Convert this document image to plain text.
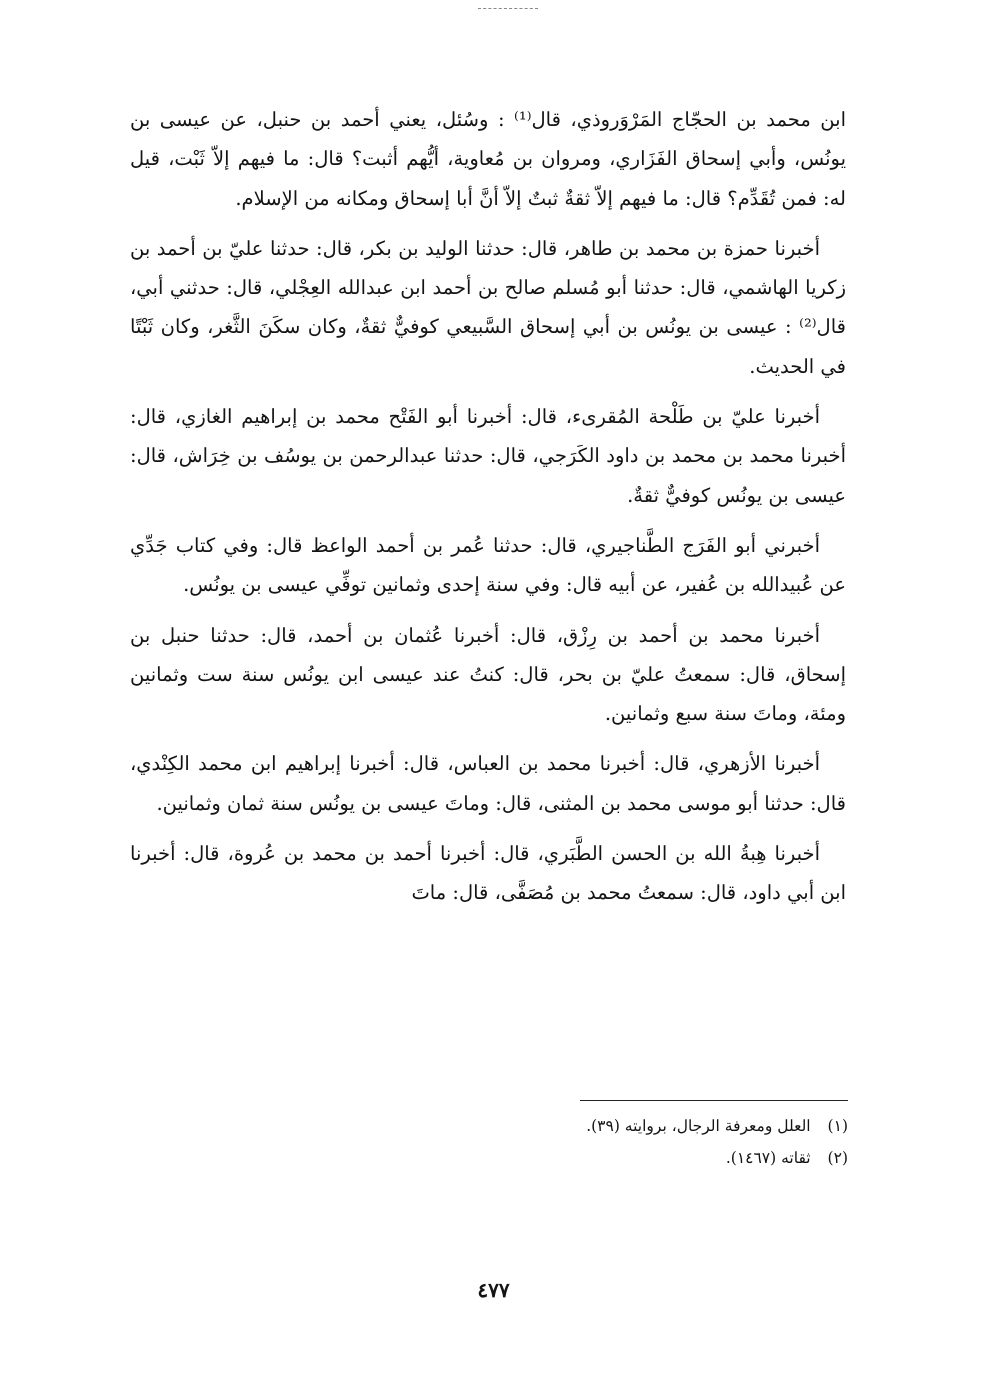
ابن محمد بن الحجّاج المَرْوَروذي، قال⁽¹⁾ : وسُئل، يعني أحمد بن حنبل، عن عيسى بن يونُس، وأبي إسحاق الفَزَاري، ومروان بن مُعاوية، أيُّهم أثبت؟ قال: ما فيهم إلاّ ثَبْت، قيل له: فمن تُقَدِّم؟ قال: ما فيهم إلاّ ثقةٌ ثبتٌ إلاّ أنَّ أبا إسحاق ومكانه من الإسلام.

أخبرنا حمزة بن محمد بن طاهر، قال: حدثنا الوليد بن بكر، قال: حدثنا عليّ بن أحمد بن زكريا الهاشمي، قال: حدثنا أبو مُسلم صالح بن أحمد ابن عبدالله العِجْلي، قال: حدثني أبي، قال⁽²⁾ : عيسى بن يونُس بن أبي إسحاق السَّبيعي كوفيٌّ ثقةٌ، وكان سكَنَ الثَّغر، وكان ثَبْتًا في الحديث.

أخبرنا عليّ بن طَلْحة المُقرىء، قال: أخبرنا أبو الفَتْح محمد بن إبراهيم الغازي، قال: أخبرنا محمد بن محمد بن داود الكَرَجي، قال: حدثنا عبدالرحمن بن يوسُف بن خِرَاش، قال: عيسى بن يونُس كوفيٌّ ثقةٌ.

أخبرني أبو الفَرَج الطَّناجيري، قال: حدثنا عُمر بن أحمد الواعظ قال: وفي كتاب جَدِّي عن عُبيدالله بن عُفير، عن أبيه قال: وفي سنة إحدى وثمانين توفِّي عيسى بن يونُس.

أخبرنا محمد بن أحمد بن رِزْق، قال: أخبرنا عُثمان بن أحمد، قال: حدثنا حنبل بن إسحاق، قال: سمعتُ عليّ بن بحر، قال: كنتُ عند عيسى ابن يونُس سنة ست وثمانين ومئة، وماتَ سنة سبع وثمانين.

أخبرنا الأزهري، قال: أخبرنا محمد بن العباس، قال: أخبرنا إبراهيم ابن محمد الكِنْدي، قال: حدثنا أبو موسى محمد بن المثنى، قال: وماتَ عيسى بن يونُس سنة ثمان وثمانين.

أخبرنا هِبةُ الله بن الحسن الطَّبَري، قال: أخبرنا أحمد بن محمد بن عُروة، قال: أخبرنا ابن أبي داود، قال: سمعتُ محمد بن مُصَفَّى، قال: ماتَ

(١) العلل ومعرفة الرجال، بروايته (٣٩).
(٢) ثقاته (١٤٦٧).
٤٧٧
